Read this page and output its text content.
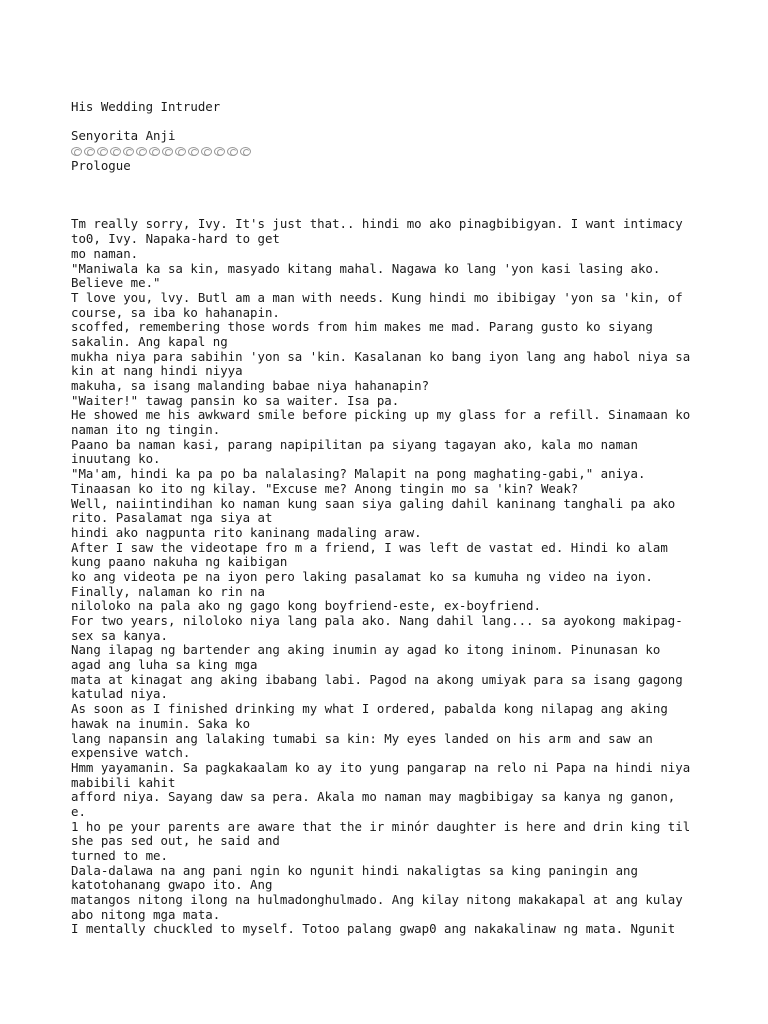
His Wedding Intruder
Senyorita Anji
Prologue
Tm really sorry, Ivy. It's just that.. hindi mo ako pinagbibigyan. I want intimacy
to0, Ivy. Napaka-hard to get
mo naman.
"Maniwala ka sa kin, masyado kitang mahal. Nagawa ko lang 'yon kasi lasing ako.
Believe me."
T love you, lvy. Butl am a man with needs. Kung hindi mo ibibigay 'yon sa 'kin, of
course, sa iba ko hahanapin.
scoffed, remembering those words from him makes me mad. Parang gusto ko siyang
sakalin. Ang kapal ng
mukha niya para sabihin 'yon sa 'kin. Kasalanan ko bang iyon lang ang habol niya sa
kin at nang hindi niyya
makuha, sa isang malanding babae niya hahanapin?
"Waiter!" tawag pansin ko sa waiter. Isa pa.
He showed me his awkward smile before picking up my glass for a refill. Sinamaan ko
naman ito ng tingin.
Paano ba naman kasi, parang napipilitan pa siyang tagayan ako, kala mo naman
inuutang ko.
"Ma'am, hindi ka pa po ba nalalasing? Malapit na pong maghating-gabi," aniya.
Tinaasan ko ito ng kilay. "Excuse me? Anong tingin mo sa 'kin? Weak?
Well, naiintindihan ko naman kung saan siya galing dahil kaninang tanghali pa ako
rito. Pasalamat nga siya at
hindi ako nagpunta rito kaninang madaling araw.
After I saw the videotape fro m a friend, I was left de vastat ed. Hindi ko alam
kung paano nakuha ng kaibigan
ko ang videota pe na iyon pero laking pasalamat ko sa kumuha ng video na iyon.
Finally, nalaman ko rin na
niloloko na pala ako ng gago kong boyfriend-este, ex-boyfriend.
For two years, niloloko niya lang pala ako. Nang dahil lang... sa ayokong makipag-
sex sa kanya.
Nang ilapag ng bartender ang aking inumin ay agad ko itong ininom. Pinunasan ko
agad ang luha sa king mga
mata at kinagat ang aking ibabang labi. Pagod na akong umiyak para sa isang gagong
katulad niya.
As soon as I finished drinking my what I ordered, pabalda kong nilapag ang aking
hawak na inumin. Saka ko
lang napansin ang lalaking tumabi sa kin: My eyes landed on his arm and saw an
expensive watch.
Hmm yayamanin. Sa pagkakaalam ko ay ito yung pangarap na relo ni Papa na hindi niya
mabibili kahit
afford niya. Sayang daw sa pera. Akala mo naman may magbibigay sa kanya ng ganon,
e.
1 ho pe your parents are aware that the ir minór daughter is here and drin king til
she pas sed out, he said and
turned to me.
Dala-dalawa na ang pani ngin ko ngunit hindi nakaligtas sa king paningin ang
katotohanang gwapo ito. Ang
matangos nitong ilong na hulmadonghulmado. Ang kilay nitong makakapal at ang kulay
abo nitong mga mata.
I mentally chuckled to myself. Totoo palang gwap0 ang nakakalinaw ng mata. Ngunit
